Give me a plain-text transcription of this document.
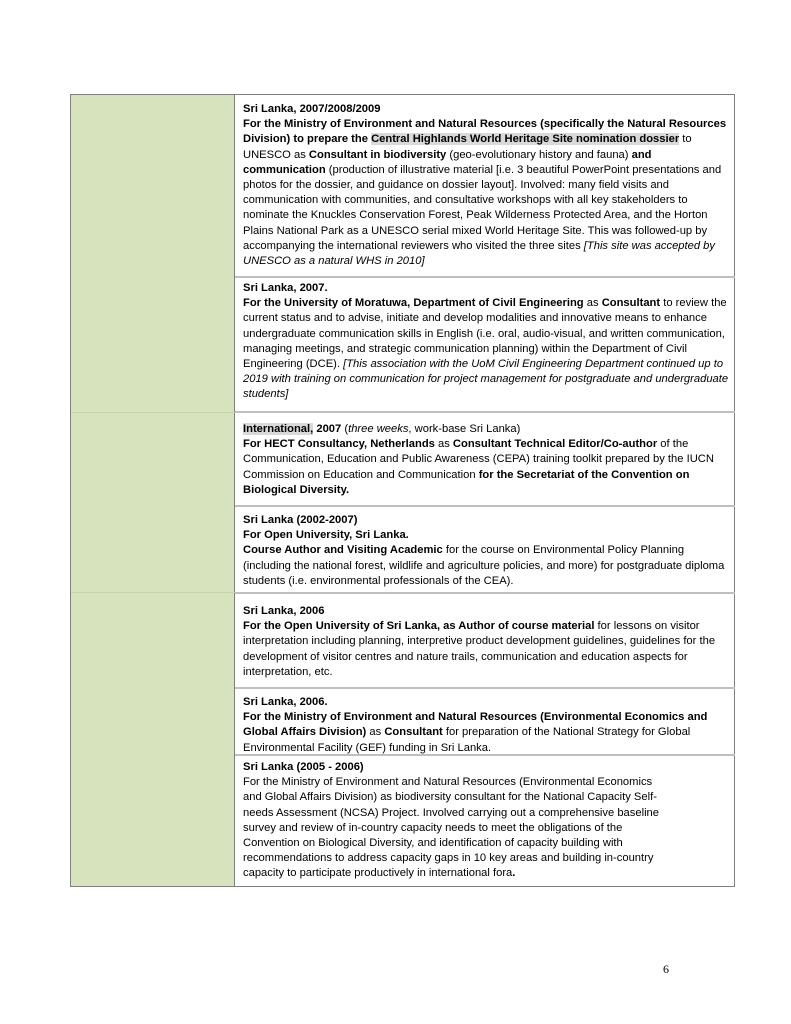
Sri Lanka, 2007/2008/2009

For the Ministry of Environment and Natural Resources (specifically the Natural Resources Division) to prepare the Central Highlands World Heritage Site nomination dossier to UNESCO as Consultant in biodiversity (geo-evolutionary history and fauna) and communication (production of illustrative material [i.e. 3 beautiful PowerPoint presentations and photos for the dossier, and guidance on dossier layout]. Involved: many field visits and communication with communities, and consultative workshops with all key stakeholders to nominate the Knuckles Conservation Forest, Peak Wilderness Protected Area, and the Horton Plains National Park as a UNESCO serial mixed World Heritage Site. This was followed-up by accompanying the international reviewers who visited the three sites [This site was accepted by UNESCO as a natural WHS in 2010]

Sri Lanka, 2007.

For the University of Moratuwa, Department of Civil Engineering as Consultant to review the current status and to advise, initiate and develop modalities and innovative means to enhance undergraduate communication skills in English (i.e. oral, audio-visual, and written communication, managing meetings, and strategic communication planning) within the Department of Civil Engineering (DCE). [This association with the UoM Civil Engineering Department continued up to 2019 with training on communication for project management for postgraduate and undergraduate students]

International, 2007 (three weeks, work-base Sri Lanka)

For HECT Consultancy, Netherlands as Consultant Technical Editor/Co-author of the Communication, Education and Public Awareness (CEPA) training toolkit prepared by the IUCN Commission on Education and Communication for the Secretariat of the Convention on Biological Diversity.

Sri Lanka (2002-2007)

For Open University, Sri Lanka.

Course Author and Visiting Academic for the course on Environmental Policy Planning (including the national forest, wildlife and agriculture policies, and more) for postgraduate diploma students (i.e. environmental professionals of the CEA).

Sri Lanka, 2006

For the Open University of Sri Lanka, as Author of course material for lessons on visitor interpretation including planning, interpretive product development guidelines, guidelines for the development of visitor centres and nature trails, communication and education aspects for interpretation, etc.

Sri Lanka, 2006.

For the Ministry of Environment and Natural Resources (Environmental Economics and Global Affairs Division) as Consultant for preparation of the National Strategy for Global Environmental Facility (GEF) funding in Sri Lanka.

Sri Lanka (2005 - 2006)

For the Ministry of Environment and Natural Resources (Environmental Economics and Global Affairs Division) as biodiversity consultant for the National Capacity Self-needs Assessment (NCSA) Project. Involved carrying out a comprehensive baseline survey and review of in-country capacity needs to meet the obligations of the Convention on Biological Diversity, and identification of capacity building with recommendations to address capacity gaps in 10 key areas and building in-country capacity to participate productively in international fora.

6
